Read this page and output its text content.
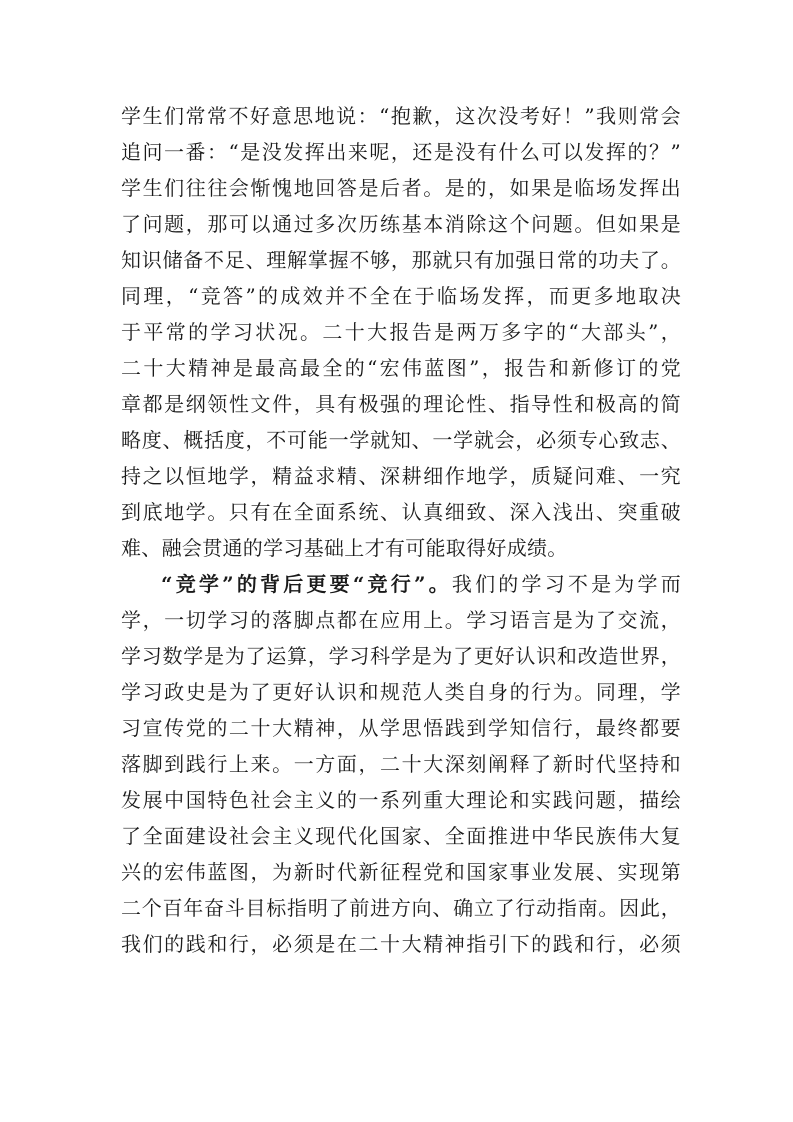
学生们常常不好意思地说：“抱歉，这次没考好！”我则常会
追问一番：“是没发挥出来呢，还是没有什么可以发挥的？”
学生们往往会惭愧地回答是后者。是的，如果是临场发挥出
了问题，那可以通过多次历练基本消除这个问题。但如果是
知识储备不足、理解掌握不够，那就只有加强日常的功夫了。
同理，“竞答”的成效并不全在于临场发挥，而更多地取决
于平常的学习状况。二十大报告是两万多字的“大部头”，
二十大精神是最高最全的“宏伟蓝图”，报告和新修订的党
章都是纲领性文件，具有极强的理论性、指导性和极高的简
略度、概括度，不可能一学就知、一学就会，必须专心致志、
持之以恒地学，精益求精、深耕细作地学，质疑问难、一究
到底地学。只有在全面系统、认真细致、深入浅出、突重破
难、融会贯通的学习基础上才有可能取得好成绩。
“竞学”的背后更要“竞行”。我们的学习不是为学而
学，一切学习的落脚点都在应用上。学习语言是为了交流，
学习数学是为了运算，学习科学是为了更好认识和改造世界，
学习政史是为了更好认识和规范人类自身的行为。同理，学
习宣传党的二十大精神，从学思悟践到学知信行，最终都要
落脚到践行上来。一方面，二十大深刻阐释了新时代坚持和
发展中国特色社会主义的一系列重大理论和实践问题，描绘
了全面建设社会主义现代化国家、全面推进中华民族伟大复
兴的宏伟蓝图，为新时代新征程党和国家事业发展、实现第
二个百年奋斗目标指明了前进方向、确立了行动指南。因此，
我们的践和行，必须是在二十大精神指引下的践和行，必须
